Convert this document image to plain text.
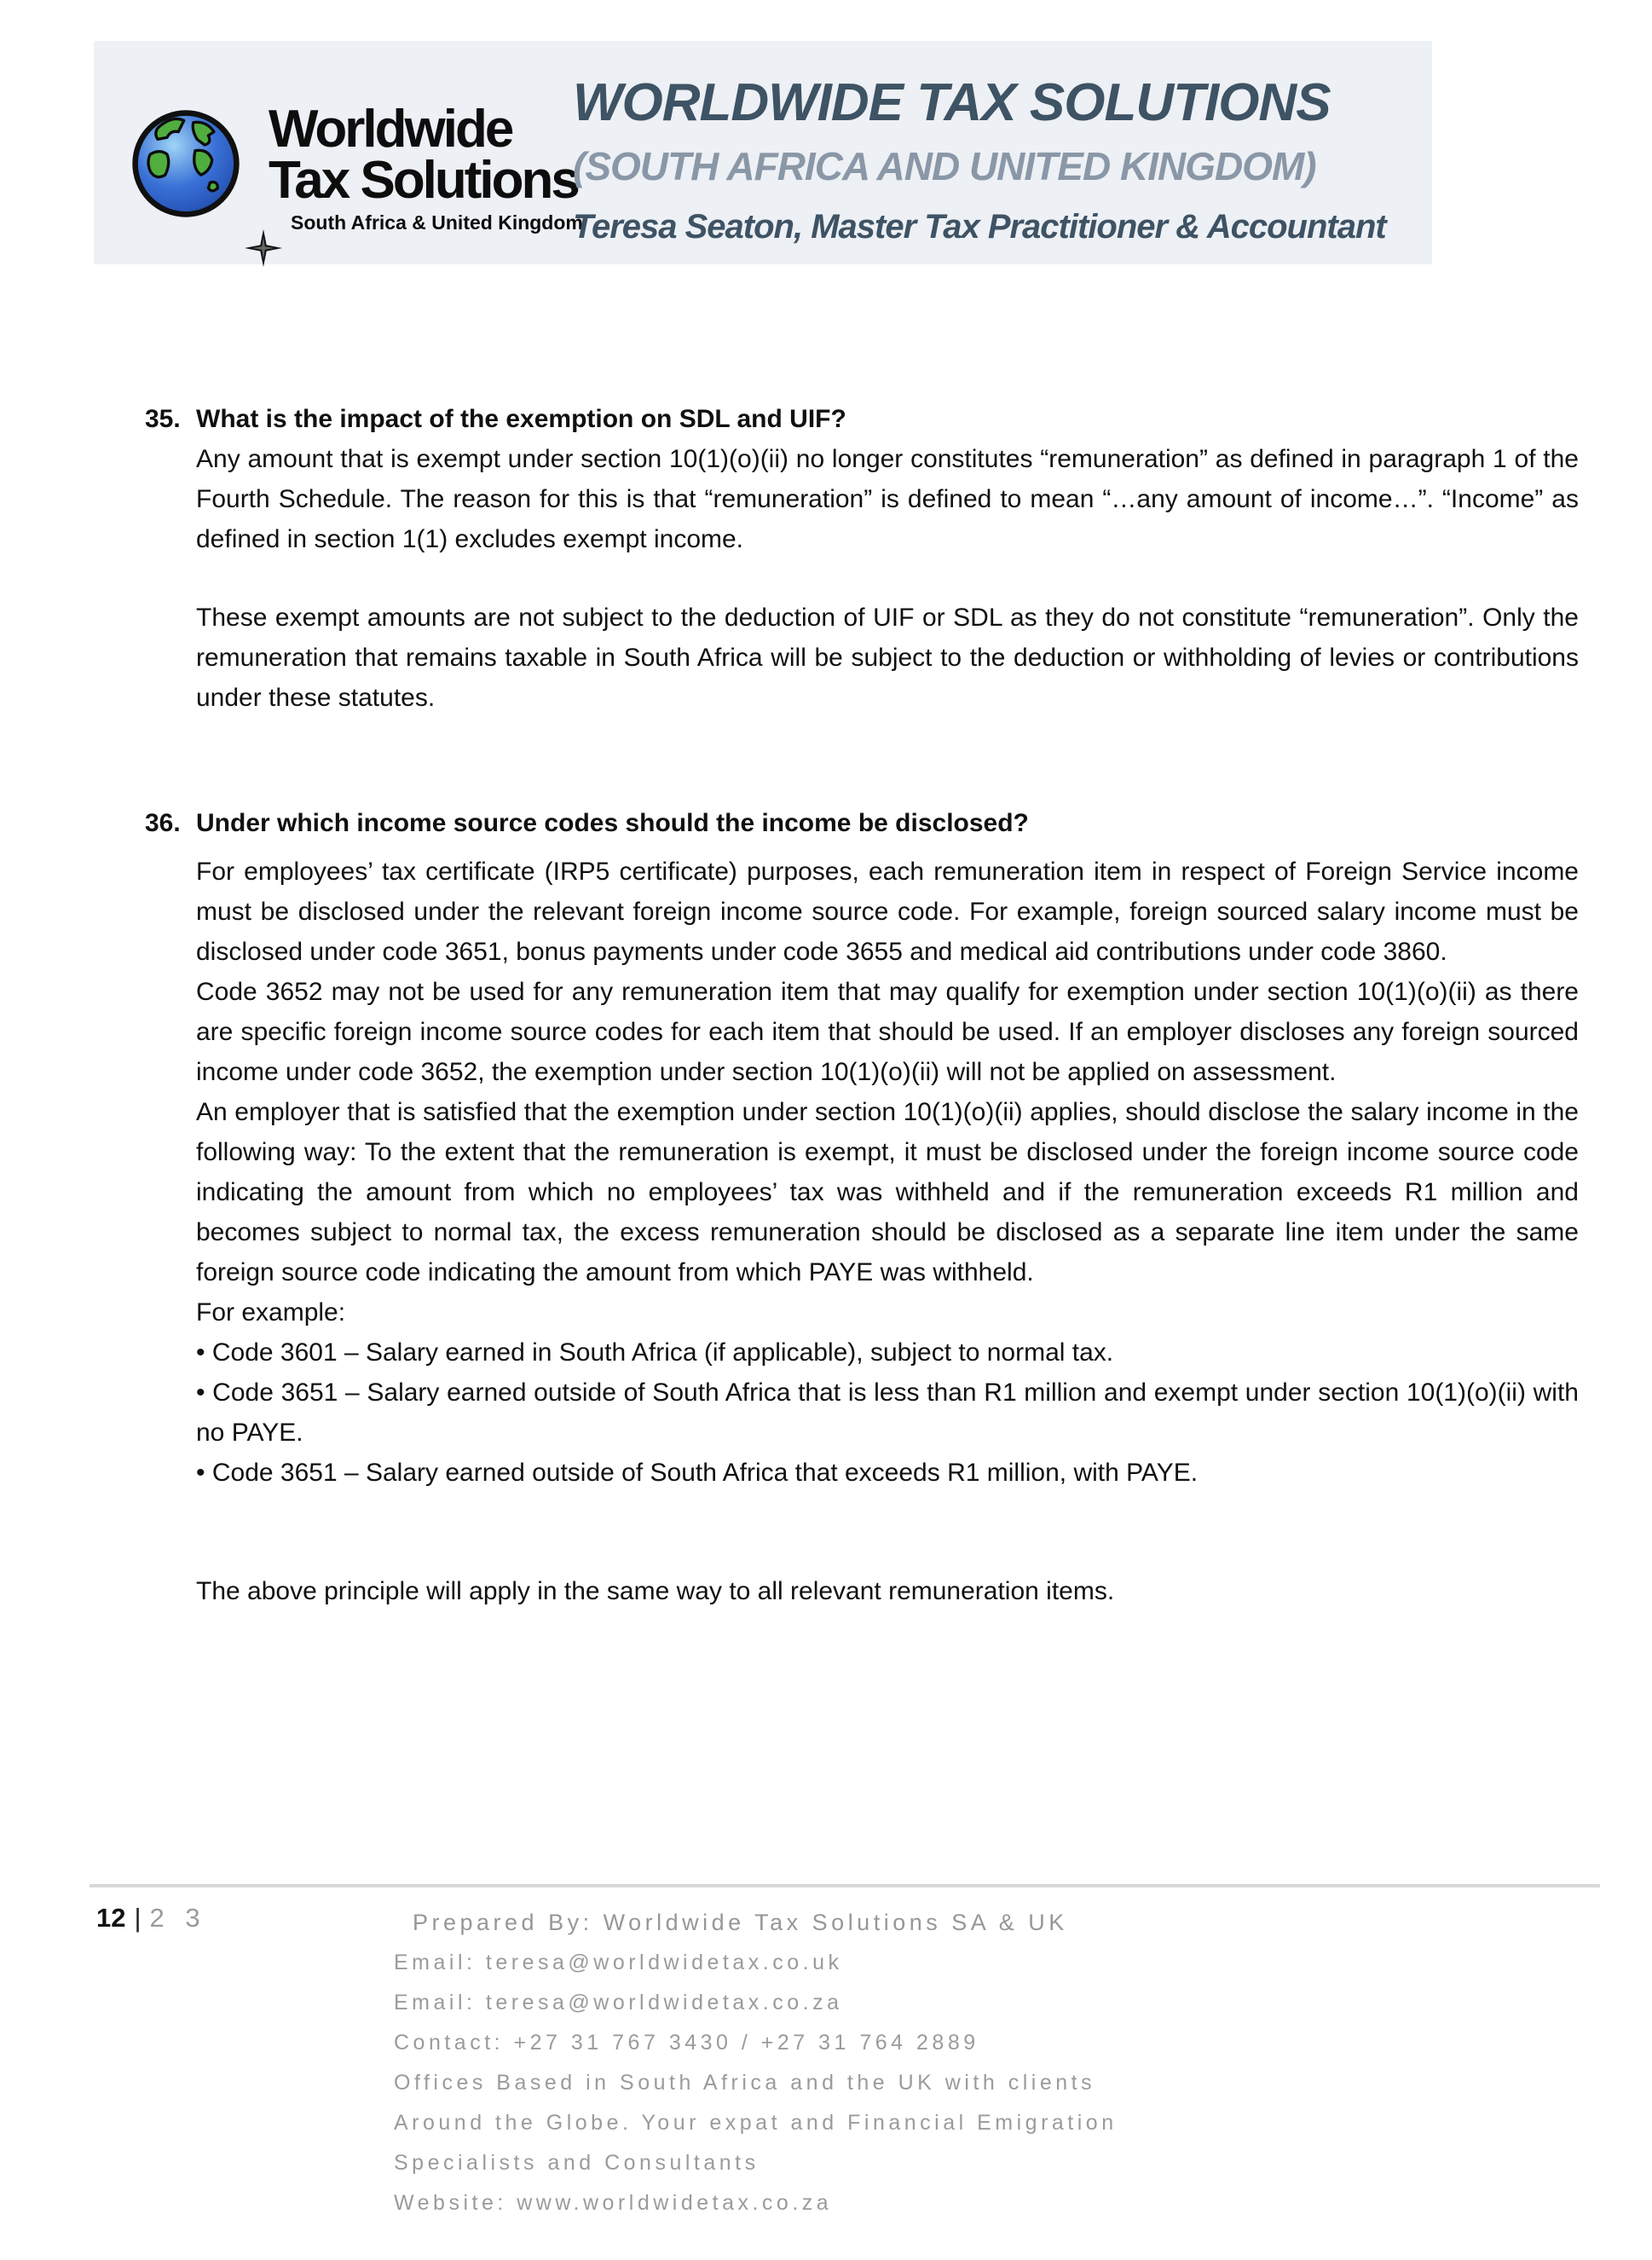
Worldwide
Tax Solutions
South Africa & United Kingdom
WORLDWIDE TAX SOLUTIONS
(SOUTH AFRICA AND UNITED KINGDOM)
Teresa Seaton, Master Tax Practitioner & Accountant
35. What is the impact of the exemption on SDL and UIF?

Any amount that is exempt under section 10(1)(o)(ii) no longer constitutes “remuneration” as defined in paragraph 1 of the Fourth Schedule. The reason for this is that “remuneration” is defined to mean “…any amount of income…”. “Income” as defined in section 1(1) excludes exempt income.

These exempt amounts are not subject to the deduction of UIF or SDL as they do not constitute “remuneration”. Only the remuneration that remains taxable in South Africa will be subject to the deduction or withholding of levies or contributions under these statutes.

36. Under which income source codes should the income be disclosed?

For employees’ tax certificate (IRP5 certificate) purposes, each remuneration item in respect of Foreign Service income must be disclosed under the relevant foreign income source code. For example, foreign sourced salary income must be disclosed under code 3651, bonus payments under code 3655 and medical aid contributions under code 3860.

Code 3652 may not be used for any remuneration item that may qualify for exemption under section 10(1)(o)(ii) as there are specific foreign income source codes for each item that should be used. If an employer discloses any foreign sourced income under code 3652, the exemption under section 10(1)(o)(ii) will not be applied on assessment.

An employer that is satisfied that the exemption under section 10(1)(o)(ii) applies, should disclose the salary income in the following way: To the extent that the remuneration is exempt, it must be disclosed under the foreign income source code indicating the amount from which no employees’ tax was withheld and if the remuneration exceeds R1 million and becomes subject to normal tax, the excess remuneration should be disclosed as a separate line item under the same foreign source code indicating the amount from which PAYE was withheld.

For example:

• Code 3601 – Salary earned in South Africa (if applicable), subject to normal tax.

• Code 3651 – Salary earned outside of South Africa that is less than R1 million and exempt under section 10(1)(o)(ii) with no PAYE.

• Code 3651 – Salary earned outside of South Africa that exceeds R1 million, with PAYE.

The above principle will apply in the same way to all relevant remuneration items.

12 | 2 3	Prepared By: Worldwide Tax Solutions SA & UK
Email: teresa@worldwidetax.co.uk
Email: teresa@worldwidetax.co.za
Contact: +27 31 767 3430 / +27 31 764 2889
Offices Based in South Africa and the UK with clients
Around the Globe. Your expat and Financial Emigration
Specialists and Consultants
Website: www.worldwidetax.co.za
